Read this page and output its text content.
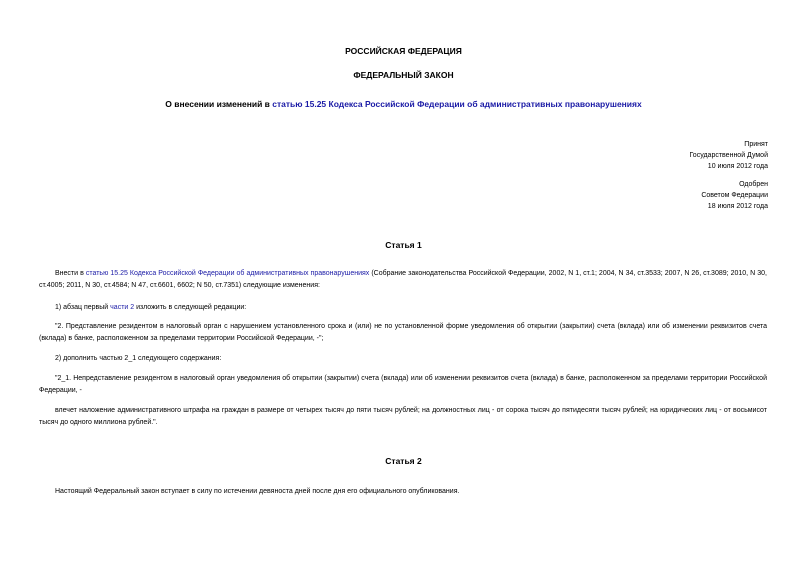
РОССИЙСКАЯ ФЕДЕРАЦИЯ
ФЕДЕРАЛЬНЫЙ ЗАКОН
О внесении изменений в статью 15.25 Кодекса Российской Федерации об административных правонарушениях
Принят
Государственной Думой
10 июля 2012 года
Одобрен
Советом Федерации
18 июля 2012 года
Статья 1
Внести в статью 15.25 Кодекса Российской Федерации об административных правонарушениях (Собрание законодательства Российской Федерации, 2002, N 1, ст.1; 2004, N 34, ст.3533; 2007, N 26, ст.3089; 2010, N 30, ст.4005; 2011, N 30, ст.4584; N 47, ст.6601, 6602; N 50, ст.7351) следующие изменения:
1) абзац первый части 2 изложить в следующей редакции:
"2. Представление резидентом в налоговый орган с нарушением установленного срока и (или) не по установленной форме уведомления об открытии (закрытии) счета (вклада) или об изменении реквизитов счета (вклада) в банке, расположенном за пределами территории Российской Федерации, -";
2) дополнить частью 2_1 следующего содержания:
"2_1. Непредставление резидентом в налоговый орган уведомления об открытии (закрытии) счета (вклада) или об изменении реквизитов счета (вклада) в банке, расположенном за пределами территории Российской Федерации, -
влечет наложение административного штрафа на граждан в размере от четырех тысяч до пяти тысяч рублей; на должностных лиц - от сорока тысяч до пятидесяти тысяч рублей; на юридических лиц - от восьмисот тысяч до одного миллиона рублей.".
Статья 2
Настоящий Федеральный закон вступает в силу по истечении девяноста дней после дня его официального опубликования.
